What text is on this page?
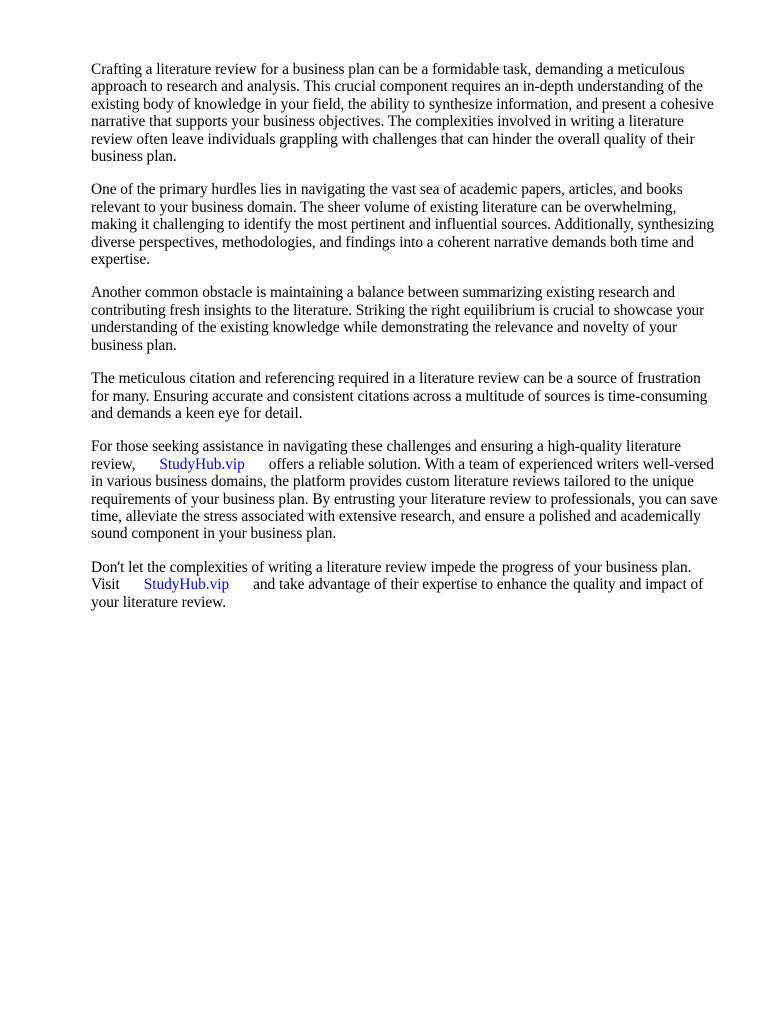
Crafting a literature review for a business plan can be a formidable task, demanding a meticulous approach to research and analysis. This crucial component requires an in-depth understanding of the existing body of knowledge in your field, the ability to synthesize information, and present a cohesive narrative that supports your business objectives. The complexities involved in writing a literature review often leave individuals grappling with challenges that can hinder the overall quality of their business plan.

One of the primary hurdles lies in navigating the vast sea of academic papers, articles, and books relevant to your business domain. The sheer volume of existing literature can be overwhelming, making it challenging to identify the most pertinent and influential sources. Additionally, synthesizing diverse perspectives, methodologies, and findings into a coherent narrative demands both time and expertise.

Another common obstacle is maintaining a balance between summarizing existing research and contributing fresh insights to the literature. Striking the right equilibrium is crucial to showcase your understanding of the existing knowledge while demonstrating the relevance and novelty of your business plan.

The meticulous citation and referencing required in a literature review can be a source of frustration for many. Ensuring accurate and consistent citations across a multitude of sources is time-consuming and demands a keen eye for detail.

For those seeking assistance in navigating these challenges and ensuring a high-quality literature review, StudyHub.vip offers a reliable solution. With a team of experienced writers well-versed in various business domains, the platform provides custom literature reviews tailored to the unique requirements of your business plan. By entrusting your literature review to professionals, you can save time, alleviate the stress associated with extensive research, and ensure a polished and academically sound component in your business plan.

Don't let the complexities of writing a literature review impede the progress of your business plan. Visit StudyHub.vip and take advantage of their expertise to enhance the quality and impact of your literature review.
